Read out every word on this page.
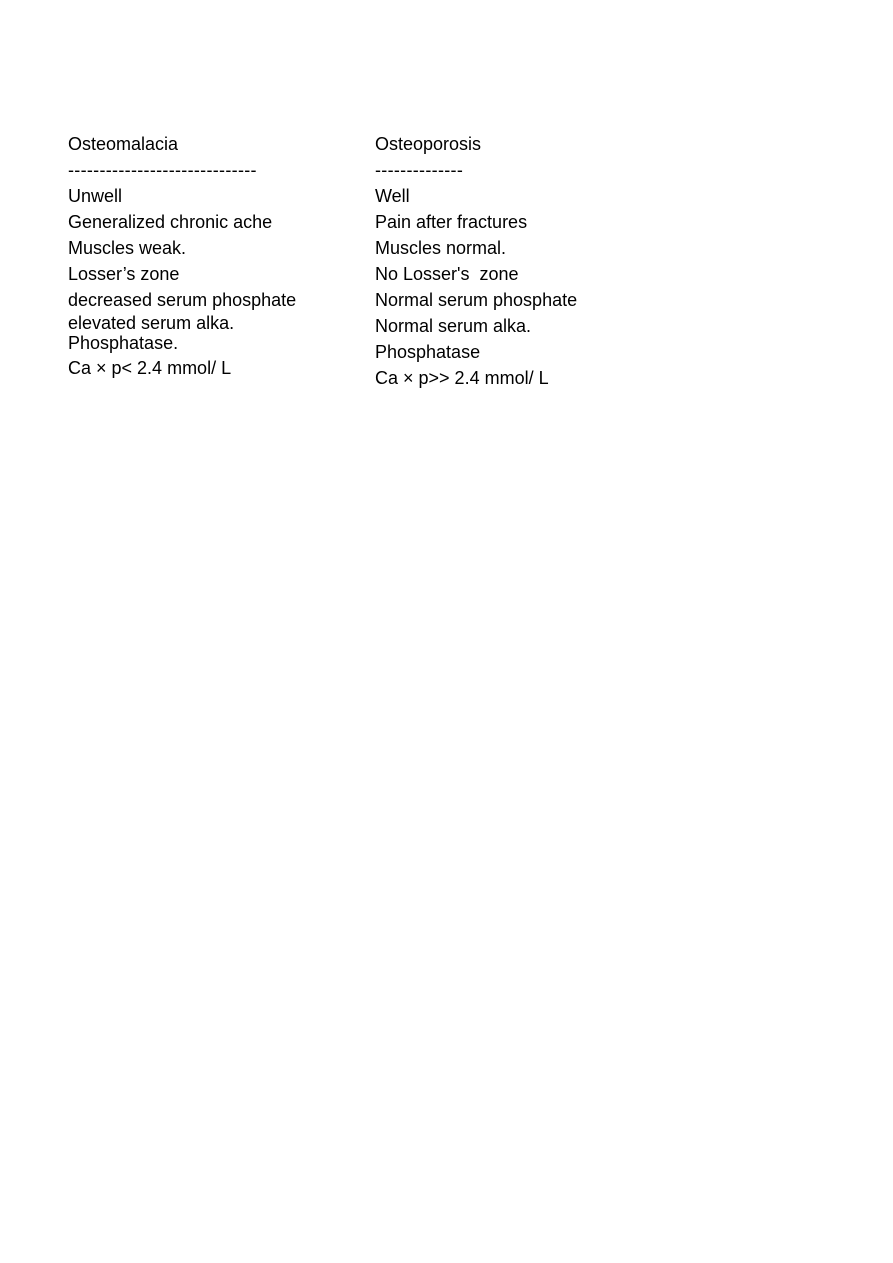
Osteomalacia
------------------------------
Unwell
Generalized chronic ache
Muscles weak.
Losser’s zone
decreased serum phosphate
elevated serum alka.
Phosphatase.
Ca × p< 2.4 mmol/ L
Osteoporosis
--------------
Well
Pain after fractures
Muscles normal.
No Losser's  zone
Normal serum phosphate
Normal serum alka.
Phosphatase
Ca × p>> 2.4 mmol/ L
